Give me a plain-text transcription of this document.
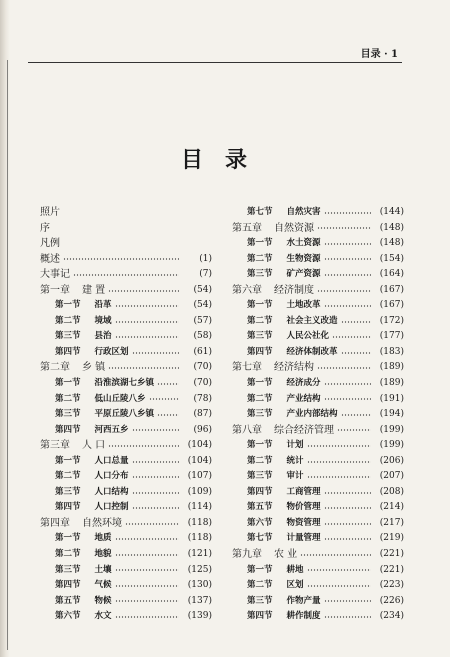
目录 · 1
目录
照片
序
凡例
概述	(1)
大事记	(7)
第一章 建 置	(54)
第一节 沿革	(54)
第二节 境域	(57)
第三节 县治	(58)
第四节 行政区划	(61)
第二章 乡 镇	(70)
第一节 沿淮滨湖七乡镇	(70)
第二节 低山丘陵八乡	(78)
第三节 平原丘陵八乡镇	(87)
第四节 河西五乡	(96)
第三章 人 口	(104)
第一节 人口总量	(104)
第二节 人口分布	(107)
第三节 人口结构	(109)
第四节 人口控制	(114)
第四章 自然环境	(118)
第一节 地质	(118)
第二节 地貌	(121)
第三节 土壤	(125)
第四节 气候	(130)
第五节 物候	(137)
第六节 水文	(139)
第七节 自然灾害	(144)
第五章 自然资源	(148)
第一节 水土资源	(148)
第二节 生物资源	(154)
第三节 矿产资源	(164)
第六章 经济制度	(167)
第一节 土地改革	(167)
第二节 社会主义改造	(172)
第三节 人民公社化	(177)
第四节 经济体制改革	(183)
第七章 经济结构	(189)
第一节 经济成分	(189)
第二节 产业结构	(191)
第三节 产业内部结构	(194)
第八章 综合经济管理	(199)
第一节 计划	(199)
第二节 统计	(206)
第三节 审计	(207)
第四节 工商管理	(208)
第五节 物价管理	(214)
第六节 物资管理	(217)
第七节 计量管理	(219)
第九章 农 业	(221)
第一节 耕地	(221)
第二节 区划	(223)
第三节 作物产量	(226)
第四节 耕作制度	(234)
